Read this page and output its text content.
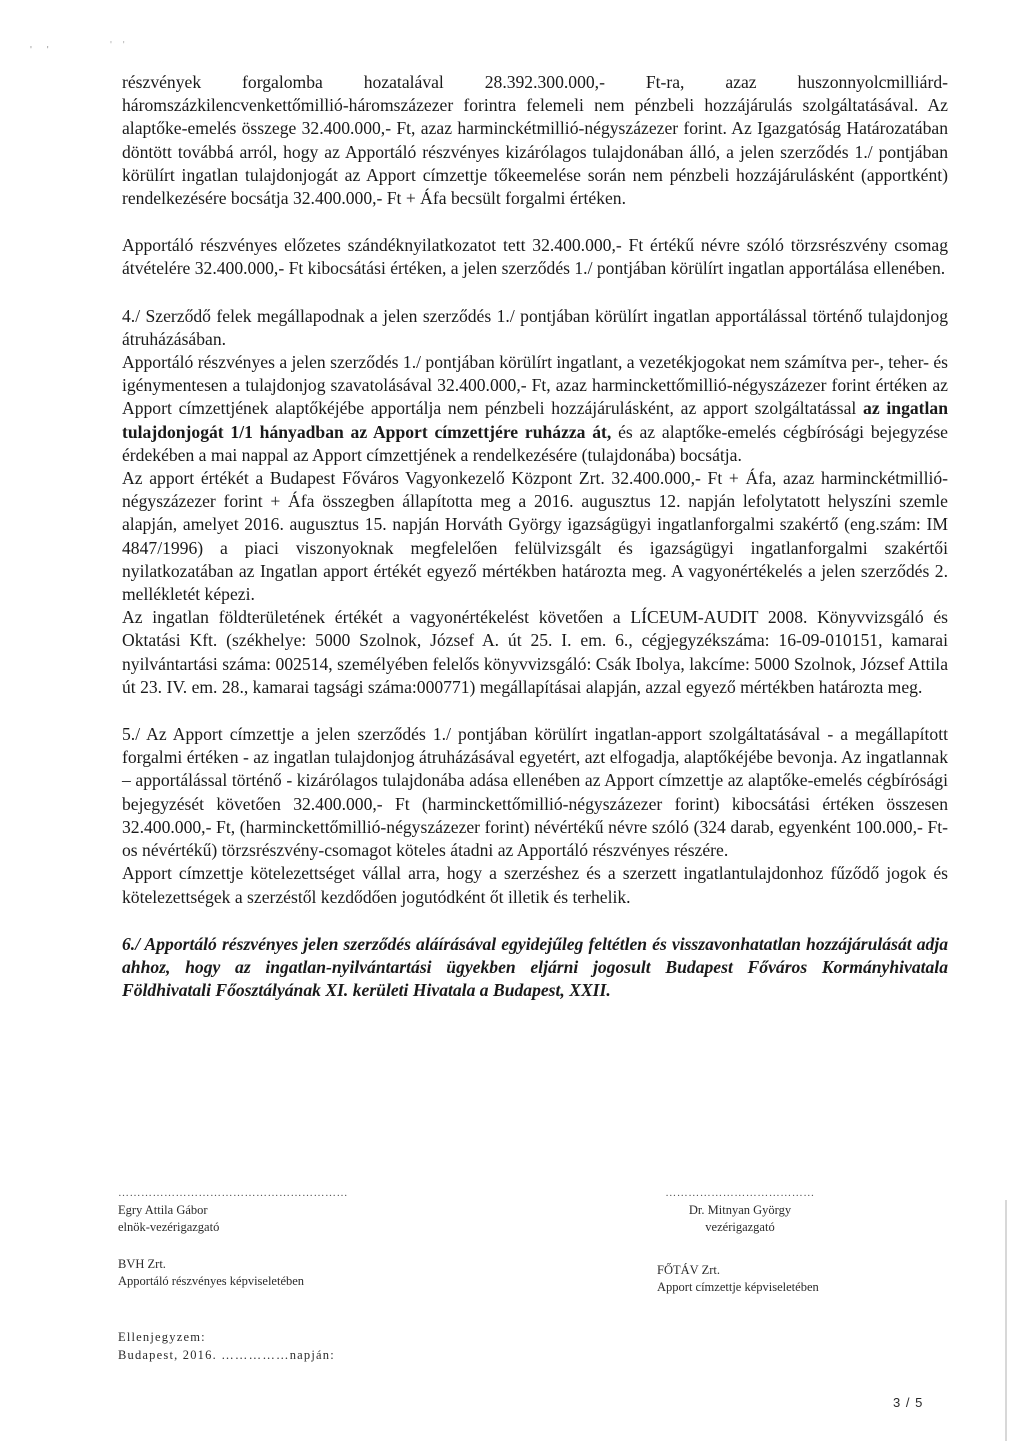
' '	' '

részvények forgalomba hozatalával 28.392.300.000,- Ft-ra, azaz huszonnyolcmilliárd-háromszázkilencvenkettőmillió-háromszázezer forintra felemeli nem pénzbeli hozzájárulás szolgáltatásával. Az alaptőke-emelés összege 32.400.000,- Ft, azaz harminckétmillió-négyszázezer forint. Az Igazgatóság Határozatában döntött továbbá arról, hogy az Apportáló részvényes kizárólagos tulajdonában álló, a jelen szerződés 1./ pontjában körülírt ingatlan tulajdonjogát az Apport címzettje tőkeemelése során nem pénzbeli hozzájárulásként (apportként) rendelkezésére bocsátja 32.400.000,- Ft + Áfa becsült forgalmi értéken.

Apportáló részvényes előzetes szándéknyilatkozatot tett 32.400.000,- Ft értékű névre szóló törzsrészvény csomag átvételére 32.400.000,- Ft kibocsátási értéken, a jelen szerződés 1./ pontjában körülírt ingatlan apportálása ellenében.

4./ Szerződő felek megállapodnak a jelen szerződés 1./ pontjában körülírt ingatlan apportálással történő tulajdonjog átruházásában.

Apportáló részvényes a jelen szerződés 1./ pontjában körülírt ingatlant, a vezetékjogokat nem számítva per-, teher- és igénymentesen a tulajdonjog szavatolásával 32.400.000,- Ft, azaz harminckettőmillió-négyszázezer forint értéken az Apport címzettjének alaptőkéjébe apportálja nem pénzbeli hozzájárulásként, az apport szolgáltatással az ingatlan tulajdonjogát 1/1 hányadban az Apport címzettjére ruházza át, és az alaptőke-emelés cégbírósági bejegyzése érdekében a mai nappal az Apport címzettjének a rendelkezésére (tulajdonába) bocsátja.

Az apport értékét a Budapest Főváros Vagyonkezelő Központ Zrt. 32.400.000,- Ft + Áfa, azaz harminckétmillió-négyszázezer forint + Áfa összegben állapította meg a 2016. augusztus 12. napján lefolytatott helyszíni szemle alapján, amelyet 2016. augusztus 15. napján Horváth György igazságügyi ingatlanforgalmi szakértő (eng.szám: IM 4847/1996) a piaci viszonyoknak megfelelően felülvizsgált és igazságügyi ingatlanforgalmi szakértői nyilatkozatában az Ingatlan apport értékét egyező mértékben határozta meg. A vagyonértékelés a jelen szerződés 2. mellékletét képezi.

Az ingatlan földterületének értékét a vagyonértékelést követően a LÍCEUM-AUDIT 2008. Könyvvizsgáló és Oktatási Kft. (székhelye: 5000 Szolnok, József A. út 25. I. em. 6., cégjegyzékszáma: 16-09-010151, kamarai nyilvántartási száma: 002514, személyében felelős könyvvizsgáló: Csák Ibolya, lakcíme: 5000 Szolnok, József Attila út 23. IV. em. 28., kamarai tagsági száma:000771) megállapításai alapján, azzal egyező mértékben határozta meg.

5./ Az Apport címzettje a jelen szerződés 1./ pontjában körülírt ingatlan-apport szolgáltatásával - a megállapított forgalmi értéken - az ingatlan tulajdonjog átruházásával egyetért, azt elfogadja, alaptőkéjébe bevonja. Az ingatlannak – apportálással történő - kizárólagos tulajdonába adása ellenében az Apport címzettje az alaptőke-emelés cégbírósági bejegyzését követően 32.400.000,- Ft (harminckettőmillió-négyszázezer forint) kibocsátási értéken összesen 32.400.000,- Ft, (harminckettőmillió-négyszázezer forint) névértékű névre szóló (324 darab, egyenként 100.000,- Ft-os névértékű) törzsrészvény-csomagot köteles átadni az Apportáló részvényes részére.

Apport címzettje kötelezettséget vállal arra, hogy a szerzéshez és a szerzett ingatlantulajdonhoz fűződő jogok és kötelezettségek a szerzéstől kezdődően jogutódként őt illetik és terhelik.

6./ Apportáló részvényes jelen szerződés aláírásával egyidejűleg feltétlen és visszavonhatatlan hozzájárulását adja ahhoz, hogy az ingatlan-nyilvántartási ügyekben eljárni jogosult Budapest Főváros Kormányhivatala Földhivatali Főosztályának XI. kerületi Hivatala a Budapest, XXII.

……………………………………………………
Egry Attila Gábor
elnök-vezérigazgató
BVH Zrt.
Apportáló részvényes képviseletében
…………………………………
Dr. Mitnyan György
vezérigazgató
FŐTÁV Zrt.
Apport címzettje képviseletében
Ellenjegyzem:
Budapest, 2016. ……………napján:
3 / 5
